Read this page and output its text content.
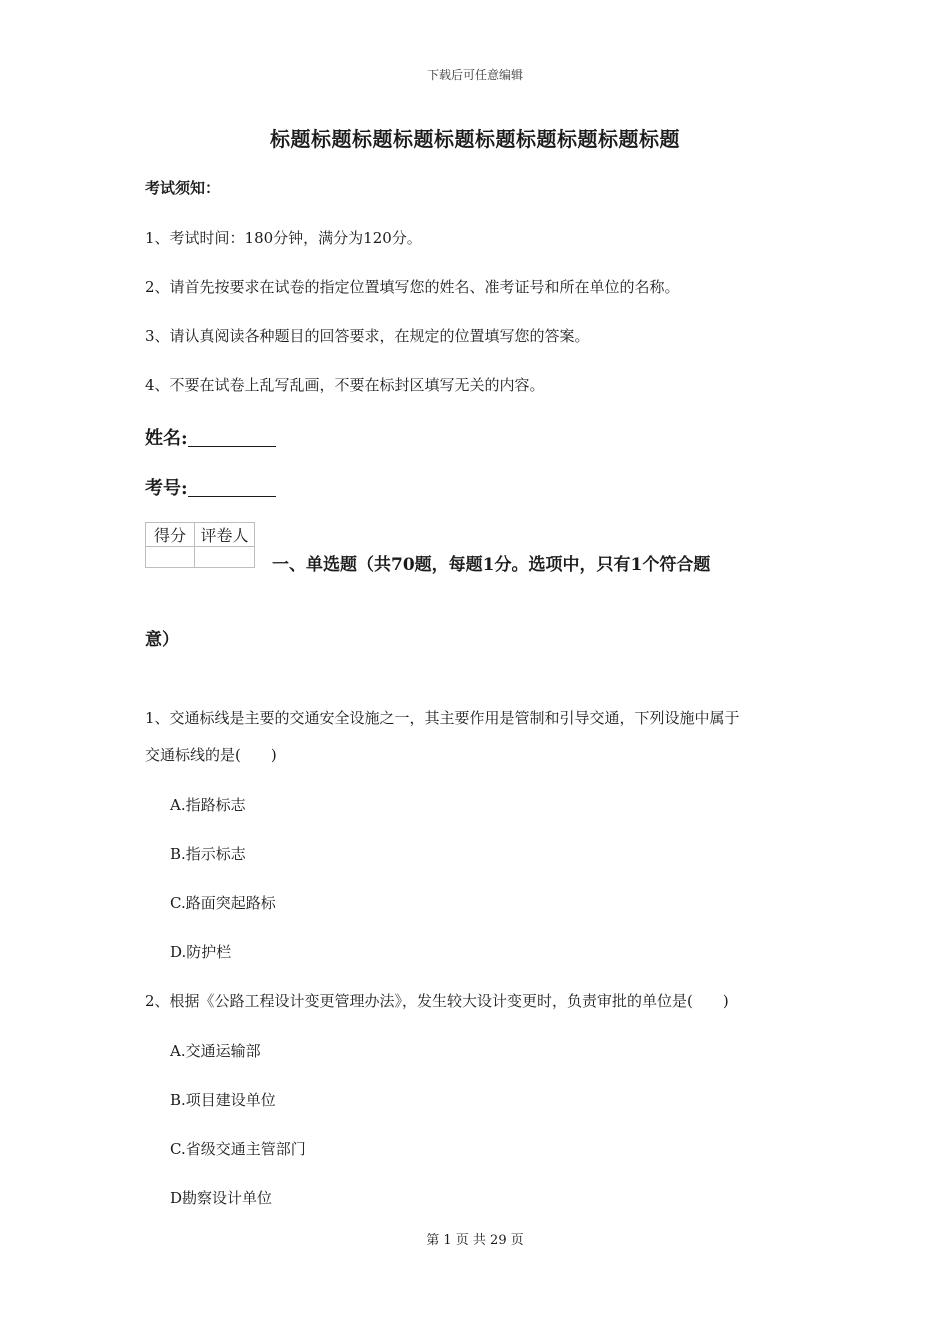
下载后可任意编辑
标题标题标题标题标题标题标题标题标题标题
考试须知：
1、考试时间：180分钟，满分为120分。
2、请首先按要求在试卷的指定位置填写您的姓名、准考证号和所在单位的名称。
3、请认真阅读各种题目的回答要求，在规定的位置填写您的答案。
4、不要在试卷上乱写乱画，不要在标封区填写无关的内容。
姓名:
考号:
得分	评卷人

一、单选题（共70题，每题1分。选项中，只有1个符合题
意）
1、交通标线是主要的交通安全设施之一，其主要作用是管制和引导交通，下列设施中属于
交通标线的是(　　)
A.指路标志
B.指示标志
C.路面突起路标
D.防护栏
2、根据《公路工程设计变更管理办法》，发生较大设计变更时，负责审批的单位是(　　)
A.交通运输部
B.项目建设单位
C.省级交通主管部门
D勘察设计单位
第 1 页 共 29 页
